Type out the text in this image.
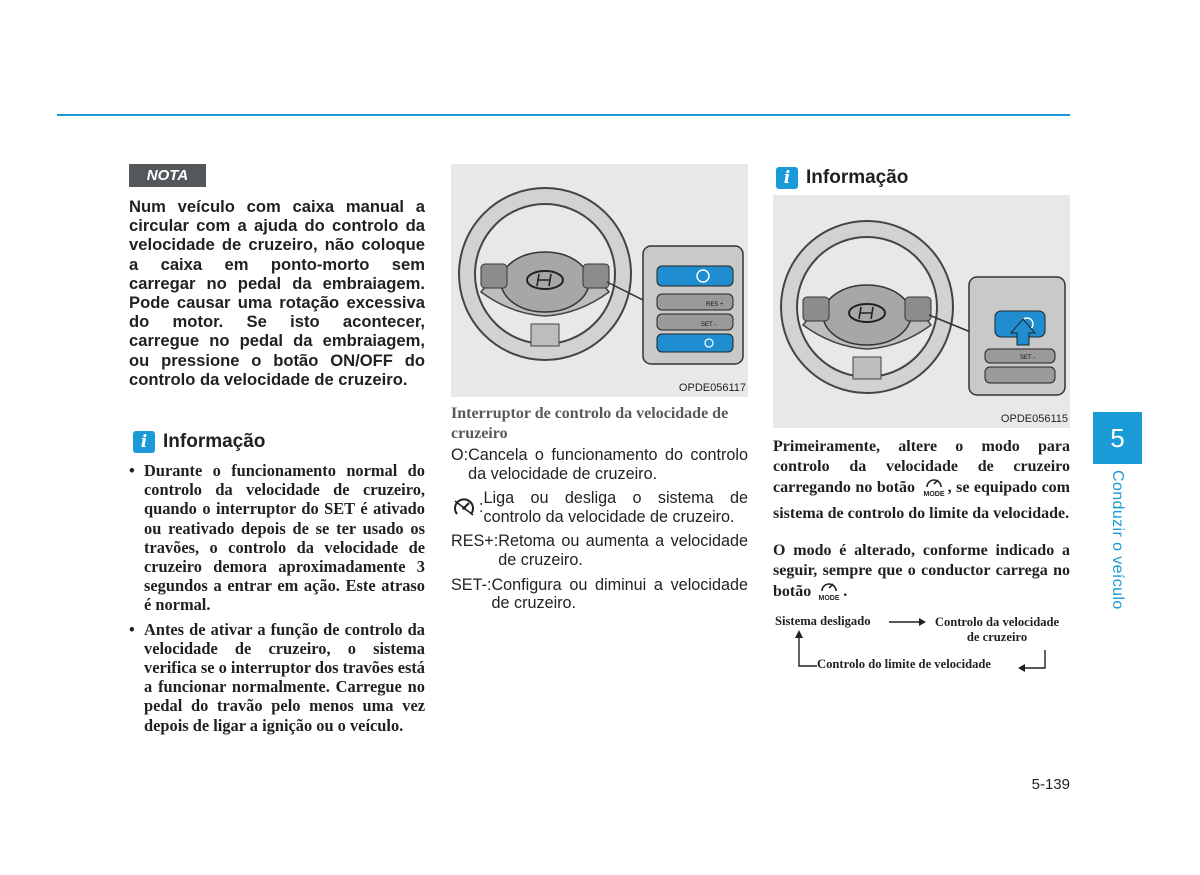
NOTA

Num veículo com caixa manual a circular com a ajuda do controlo da velocidade de cruzeiro, não coloque a caixa em ponto-morto sem carregar no pedal da embraiagem. Pode causar uma rotação excessiva do motor. Se isto acontecer, carregue no pedal da embraiagem, ou pressione o botão ON/OFF do controlo da velocidade de cruzeiro.

i Informação
• Durante o funcionamento normal do controlo da velocidade de cruzeiro, quando o interruptor do SET é ativado ou reativado depois de se ter usado os travões, o controlo da velocidade de cruzeiro demora aproximadamente 3 segundos a entrar em ação. Este atraso é normal.
• Antes de ativar a função de controlo da velocidade de cruzeiro, o sistema verifica se o interruptor dos travões está a funcionar normalmente. Carregue no pedal do travão pelo menos uma vez depois de ligar a ignição ou o veículo.
RES +
SET -
OPDE056117

Interruptor de controlo da velocidade de cruzeiro

O: Cancela o funcionamento do controlo da velocidade de cruzeiro.
:
Liga ou desliga o sistema de controlo da velocidade de cruzeiro.
RES+: Retoma ou aumenta a velocidade de cruzeiro.
SET-: Configura ou diminui a velocidade de cruzeiro.
i Informação
SET -
OPDE056115

Primeiramente, altere o modo para controlo da velocidade de cruzeiro carregando no botão MODE , se equipado com sistema de controlo do limite da velocidade.

O modo é alterado, conforme indicado a seguir, sempre que o conductor carrega no botão MODE .

Sistema desligado	Controlo da velocidade
de cruzeiro
Controlo do limite de velocidade
5
Conduzir o veículo
5-139
